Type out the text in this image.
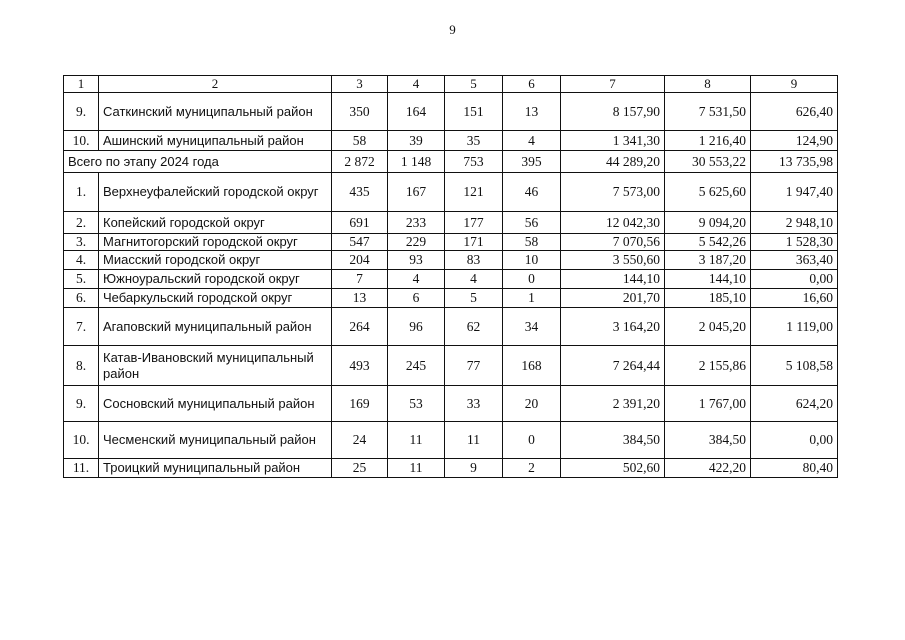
9
1	2	3	4	5	6	7	8	9
9.	Саткинский муниципальный район	350	164	151	13	8 157,90	7 531,50	626,40
10.	Ашинский муниципальный район	58	39	35	4	1 341,30	1 216,40	124,90
Всего по этапу 2024 года		2 872	1 148	753	395	44 289,20	30 553,22	13 735,98
1.	Верхнеуфалейский городской округ	435	167	121	46	7 573,00	5 625,60	1 947,40
2.	Копейский городской округ	691	233	177	56	12 042,30	9 094,20	2 948,10
3.	Магнитогорский городской округ	547	229	171	58	7 070,56	5 542,26	1 528,30
4.	Миасский городской округ	204	93	83	10	3 550,60	3 187,20	363,40
5.	Южноуральский городской округ	7	4	4	0	144,10	144,10	0,00
6.	Чебаркульский городской округ	13	6	5	1	201,70	185,10	16,60
7.	Агаповский муниципальный район	264	96	62	34	3 164,20	2 045,20	1 119,00
8.	Катав-Ивановский муниципальный район	493	245	77	168	7 264,44	2 155,86	5 108,58
9.	Сосновский муниципальный район	169	53	33	20	2 391,20	1 767,00	624,20
10.	Чесменский муниципальный район	24	11	11	0	384,50	384,50	0,00
11.	Троицкий муниципальный район	25	11	9	2	502,60	422,20	80,40
